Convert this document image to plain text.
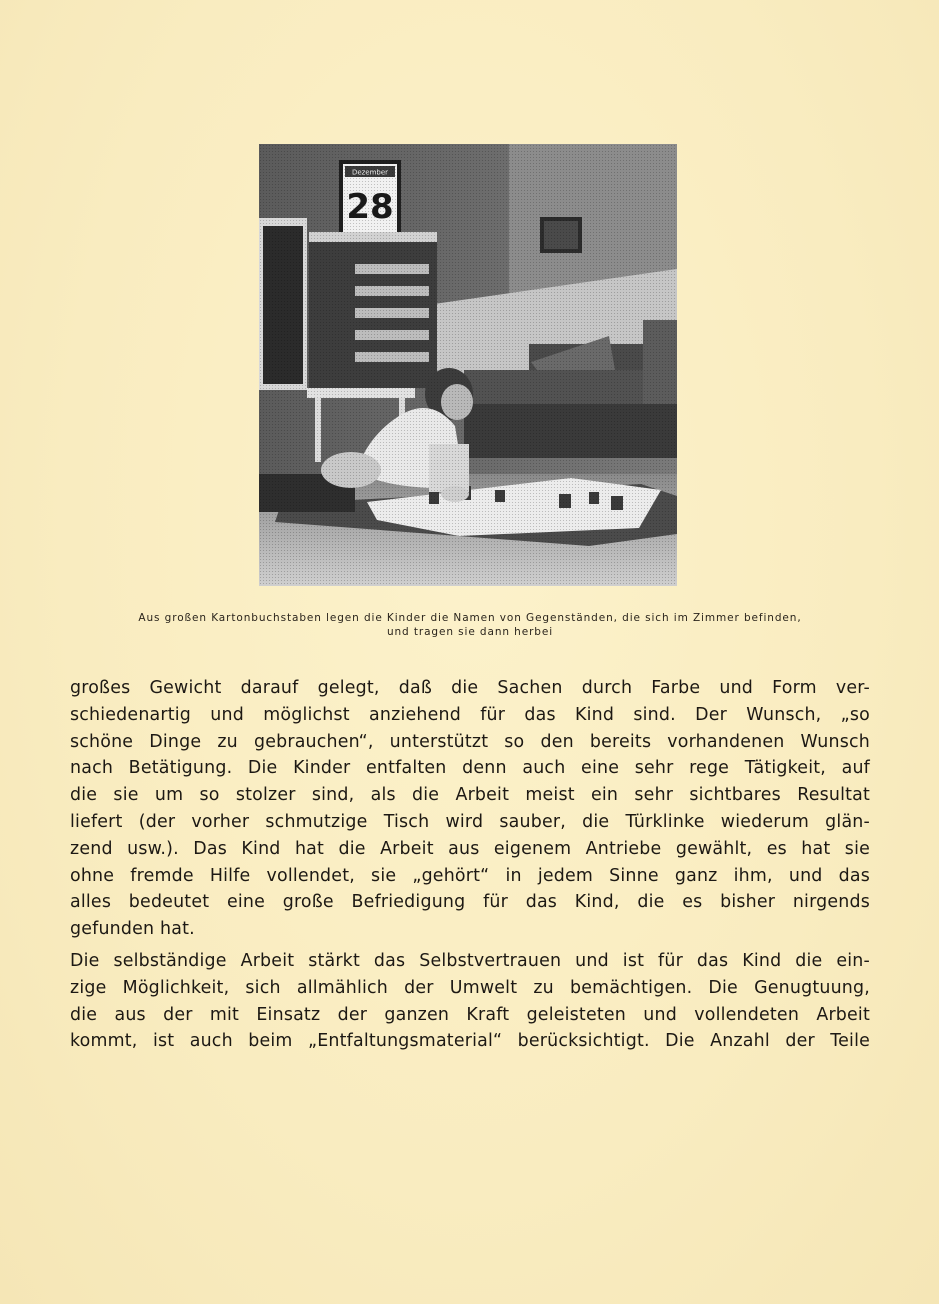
Aus großen Kartonbuchstaben legen die Kinder die Namen von Gegenständen, die sich im Zimmer befinden,
und tragen sie dann herbei
großes Gewicht darauf gelegt, daß die Sachen durch Farbe und Form ver-
schiedenartig und möglichst anziehend für das Kind sind. Der Wunsch, „so
schöne Dinge zu gebrauchen“, unterstützt so den bereits vorhandenen Wunsch
nach Betätigung. Die Kinder entfalten denn auch eine sehr rege Tätigkeit, auf
die sie um so stolzer sind, als die Arbeit meist ein sehr sichtbares Resultat
liefert (der vorher schmutzige Tisch wird sauber, die Türklinke wiederum glän-
zend usw.). Das Kind hat die Arbeit aus eigenem Antriebe gewählt, es hat sie
ohne fremde Hilfe vollendet, sie „gehört“ in jedem Sinne ganz ihm, und das
alles bedeutet eine große Befriedigung für das Kind, die es bisher nirgends
gefunden hat.
Die selbständige Arbeit stärkt das Selbstvertrauen und ist für das Kind die ein-
zige Möglichkeit, sich allmählich der Umwelt zu bemächtigen. Die Genugtuung,
die aus der mit Einsatz der ganzen Kraft geleisteten und vollendeten Arbeit
kommt, ist auch beim „Entfaltungsmaterial“ berücksichtigt. Die Anzahl der Teile
